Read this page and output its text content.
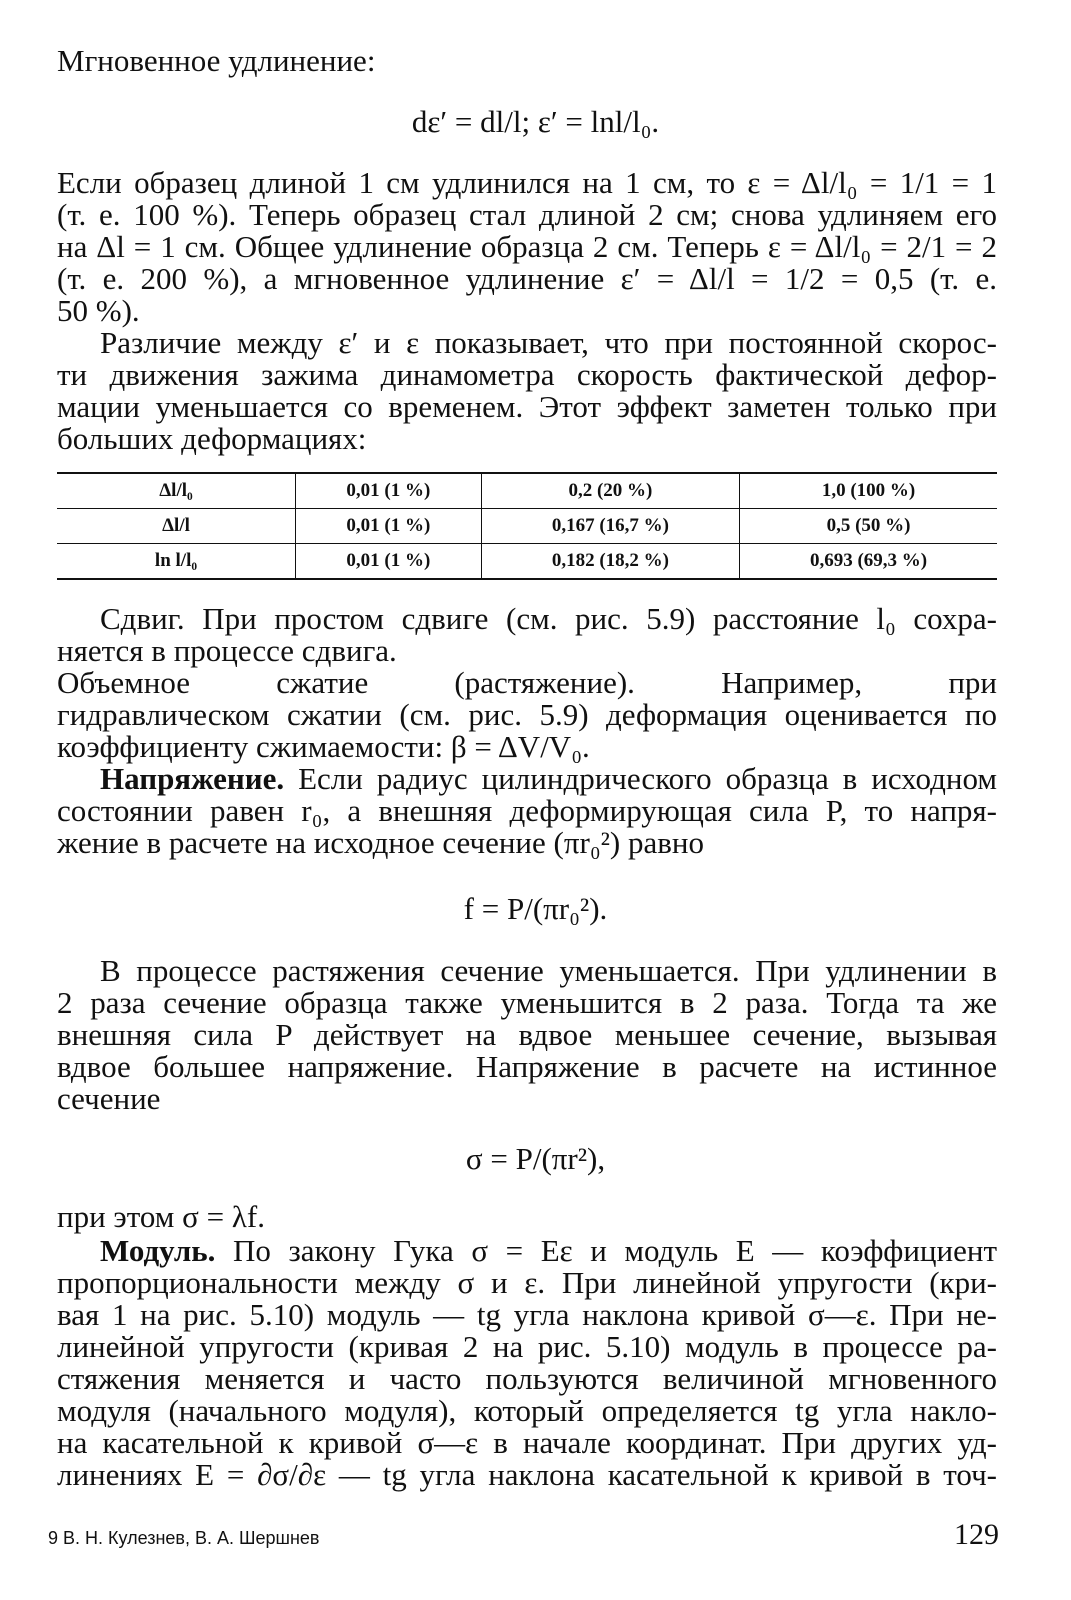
Мгновенное удлинение:
dε′ = dl/l; ε′ = lnl/l₀.
Если образец длиной 1 см удлинился на 1 см, то ε = Δl/l₀ = 1/1 = 1
(т. е. 100 %). Теперь образец стал длиной 2 см; снова удлиняем его
на Δl = 1 см. Общее удлинение образца 2 см. Теперь ε = Δl/l₀ = 2/1 = 2
(т. е. 200 %), а мгновенное удлинение ε′ = Δl/l = 1/2 = 0,5 (т. е.
50 %).
Различие между ε′ и ε показывает, что при постоянной скорос-
ти движения зажима динамометра скорость фактической дефор-
мации уменьшается со временем. Этот эффект заметен только при
больших деформациях:
Δl/l₀	0,01 (1 %)	0,2 (20 %)	1,0 (100 %)
Δl/l	0,01 (1 %)	0,167 (16,7 %)	0,5 (50 %)
ln l/l₀	0,01 (1 %)	0,182 (18,2 %)	0,693 (69,3 %)
Сдвиг. При простом сдвиге (см. рис. 5.9) расстояние l₀ сохра-
няется в процессе сдвига.
Объемное сжатие (растяжение). Например, при
гидравлическом сжатии (см. рис. 5.9) деформация оценивается по
коэффициенту сжимаемости: β = ΔV/V₀.
Напряжение. Если радиус цилиндрического образца в исходном
состоянии равен r₀, а внешняя деформирующая сила P, то напря-
жение в расчете на исходное сечение (πr₀²) равно
f = P/(πr₀²).
В процессе растяжения сечение уменьшается. При удлинении в
2 раза сечение образца также уменьшится в 2 раза. Тогда та же
внешняя сила P действует на вдвое меньшее сечение, вызывая
вдвое большее напряжение. Напряжение в расчете на истинное
сечение
σ = P/(πr²),
при этом σ = λf.
Модуль. По закону Гука σ = Eε и модуль E — коэффициент
пропорциональности между σ и ε. При линейной упругости (кри-
вая 1 на рис. 5.10) модуль — tg угла наклона кривой σ—ε. При не-
линейной упругости (кривая 2 на рис. 5.10) модуль в процессе ра-
стяжения меняется и часто пользуются величиной мгновенного
модуля (начального модуля), который определяется tg угла накло-
на касательной к кривой σ—ε в начале координат. При других уд-
линениях E = ∂σ/∂ε — tg угла наклона касательной к кривой в точ-
9 В. Н. Кулезнев, В. А. Шершнев	129
